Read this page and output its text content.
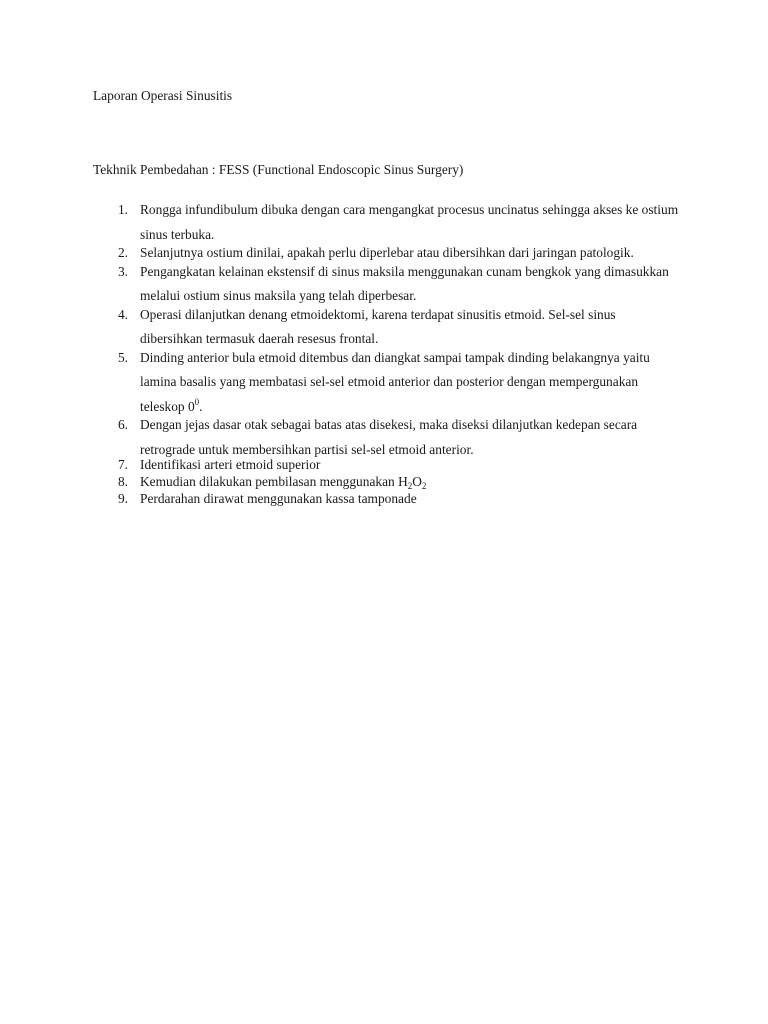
Laporan Operasi Sinusitis

Tekhnik Pembedahan : FESS (Functional Endoscopic Sinus Surgery)

1. Rongga infundibulum dibuka dengan cara mengangkat procesus uncinatus sehingga akses ke ostium sinus terbuka.
2. Selanjutnya ostium dinilai, apakah perlu diperlebar atau dibersihkan dari jaringan patologik.
3. Pengangkatan kelainan ekstensif di sinus maksila menggunakan cunam bengkok yang dimasukkan melalui ostium sinus maksila yang telah diperbesar.
4. Operasi dilanjutkan denang etmoidektomi, karena terdapat sinusitis etmoid. Sel-sel sinus dibersihkan termasuk daerah resesus frontal.
5. Dinding anterior bula etmoid ditembus dan diangkat sampai tampak dinding belakangnya yaitu lamina basalis yang membatasi sel-sel etmoid anterior dan posterior dengan mempergunakan teleskop $0^0$.
6. Dengan jejas dasar otak sebagai batas atas disekesi, maka diseksi dilanjutkan kedepan secara retrograde untuk membersihkan partisi sel-sel etmoid anterior.
7. Identifikasi arteri etmoid superior
8. Kemudian dilakukan pembilasan menggunakan $H_2O_2$
9. Perdarahan dirawat menggunakan kassa tamponade
